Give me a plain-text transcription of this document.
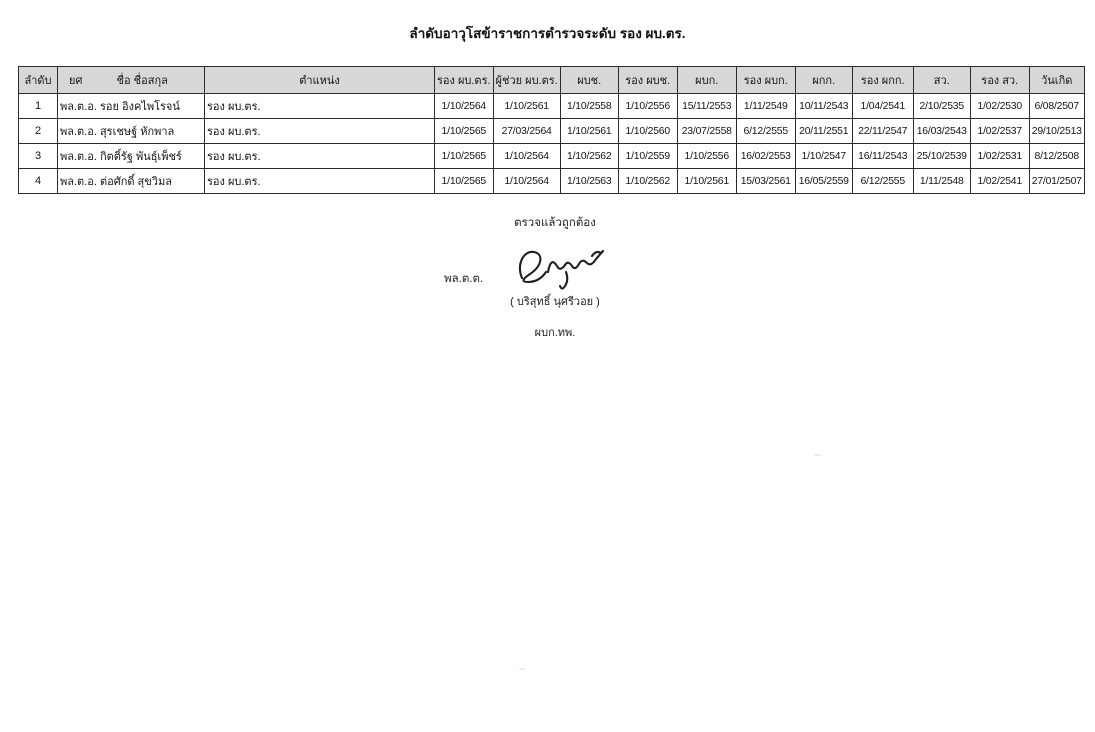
ลำดับอาวุโสข้าราชการตำรวจระดับ รอง ผบ.ตร.
ลำดับ	ยศ ชื่อ ชื่อสกุล	ตำแหน่ง	รอง ผบ.ตร.	ผู้ช่วย ผบ.ตร.	ผบช.	รอง ผบช.	ผบก.	รอง ผบก.	ผกก.	รอง ผกก.	สว.	รอง สว.	วันเกิด
1	พล.ต.อ. รอย อิงคไพโรจน์	รอง ผบ.ตร.	1/10/2564	1/10/2561	1/10/2558	1/10/2556	15/11/2553	1/11/2549	10/11/2543	1/04/2541	2/10/2535	1/02/2530	6/08/2507
2	พล.ต.อ. สุรเชษฐ์ หักพาล	รอง ผบ.ตร.	1/10/2565	27/03/2564	1/10/2561	1/10/2560	23/07/2558	6/12/2555	20/11/2551	22/11/2547	16/03/2543	1/02/2537	29/10/2513
3	พล.ต.อ. กิตติ์รัฐ พันธุ์เพ็ชร์	รอง ผบ.ตร.	1/10/2565	1/10/2564	1/10/2562	1/10/2559	1/10/2556	16/02/2553	1/10/2547	16/11/2543	25/10/2539	1/02/2531	8/12/2508
4	พล.ต.อ. ต่อศักดิ์ สุขวิมล	รอง ผบ.ตร.	1/10/2565	1/10/2564	1/10/2563	1/10/2562	1/10/2561	15/03/2561	16/05/2559	6/12/2555	1/11/2548	1/02/2541	27/01/2507
ตรวจแล้วถูกต้อง
พล.ต.ต.
( บริสุทธิ์ นุศรีวอย )
ผบก.ทพ.
